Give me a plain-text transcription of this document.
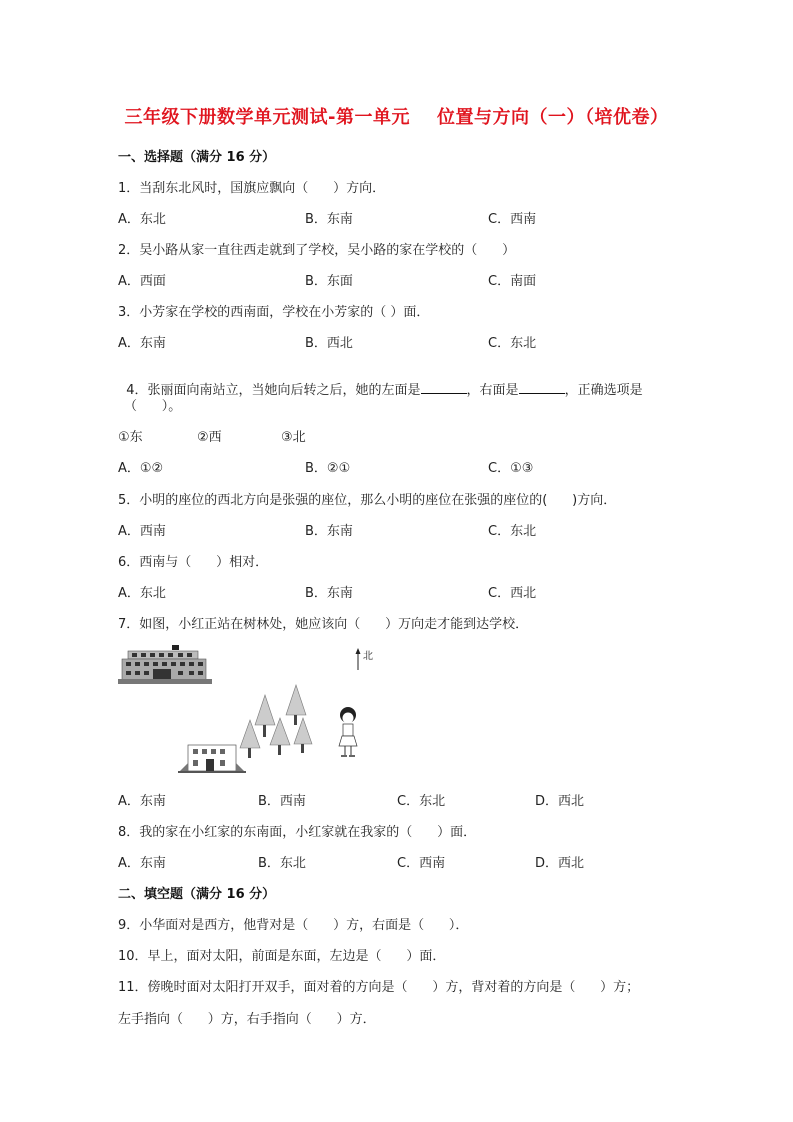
三年级下册数学单元测试-第一单元    位置与方向（一）（培优卷）
一、选择题（满分 16 分）
1．当刮东北风时，国旗应飘向（      ）方向．
A．东北	B．东南	C．西南
2．吴小路从家一直往西走就到了学校，吴小路的家在学校的（      ）
A．西面	B．东面	C．南面
3．小芳家在学校的西南面，学校在小芳家的（ ）面．
A．东南	B．西北	C．东北

4．张丽面向南站立，当她向后转之后，她的左面是	，右面是	，正确选项是

（      ）。
①东	②西	③北
A．①②	B．②①	C．①③
5．小明的座位的西北方向是张强的座位，那么小明的座位在张强的座位的(      )方向．
A．西南	B．东南	C．东北
6．西南与（      ）相对．
A．东北	B．东南	C．西北
7．如图，小红正站在树林处，她应该向（      ）万向走才能到达学校．
北
A．东南	B．西南	C．东北	D．西北
8．我的家在小红家的东南面，小红家就在我家的（      ）面．
A．东南	B．东北	C．西南	D．西北
二、填空题（满分 16 分）
9．小华面对是西方，他背对是（      ）方，右面是（      ）．
10．早上，面对太阳，前面是东面，左边是（      ）面．
11．傍晚时面对太阳打开双手，面对着的方向是（      ）方，背对着的方向是（      ）方；
左手指向（      ）方，右手指向（      ）方．
